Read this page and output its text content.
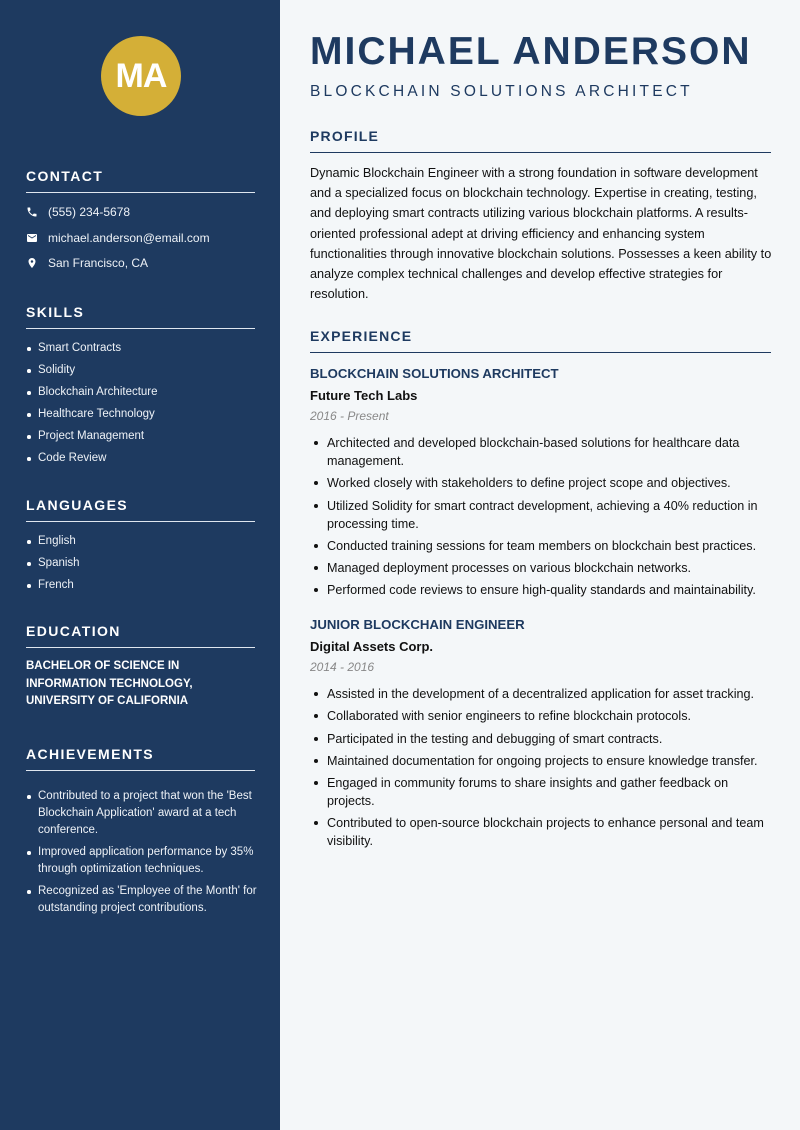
MA
CONTACT
(555) 234-5678
michael.anderson@email.com
San Francisco, CA
SKILLS
Smart Contracts
Solidity
Blockchain Architecture
Healthcare Technology
Project Management
Code Review
LANGUAGES
English
Spanish
French
EDUCATION
BACHELOR OF SCIENCE IN
INFORMATION TECHNOLOGY,
UNIVERSITY OF CALIFORNIA
ACHIEVEMENTS
Contributed to a project that won the 'Best Blockchain Application' award at a tech conference.
Improved application performance by 35% through optimization techniques.
Recognized as 'Employee of the Month' for outstanding project contributions.
MICHAEL ANDERSON
BLOCKCHAIN SOLUTIONS ARCHITECT
PROFILE

Dynamic Blockchain Engineer with a strong foundation in software development and a specialized focus on blockchain technology. Expertise in creating, testing, and deploying smart contracts utilizing various blockchain platforms. A results-oriented professional adept at driving efficiency and enhancing system functionalities through innovative blockchain solutions. Possesses a keen ability to analyze complex technical challenges and develop effective strategies for resolution.

EXPERIENCE
BLOCKCHAIN SOLUTIONS ARCHITECT
Future Tech Labs
2016 - Present
Architected and developed blockchain-based solutions for healthcare data management.
Worked closely with stakeholders to define project scope and objectives.
Utilized Solidity for smart contract development, achieving a 40% reduction in processing time.
Conducted training sessions for team members on blockchain best practices.
Managed deployment processes on various blockchain networks.
Performed code reviews to ensure high-quality standards and maintainability.
JUNIOR BLOCKCHAIN ENGINEER
Digital Assets Corp.
2014 - 2016
Assisted in the development of a decentralized application for asset tracking.
Collaborated with senior engineers to refine blockchain protocols.
Participated in the testing and debugging of smart contracts.
Maintained documentation for ongoing projects to ensure knowledge transfer.
Engaged in community forums to share insights and gather feedback on projects.
Contributed to open-source blockchain projects to enhance personal and team visibility.
